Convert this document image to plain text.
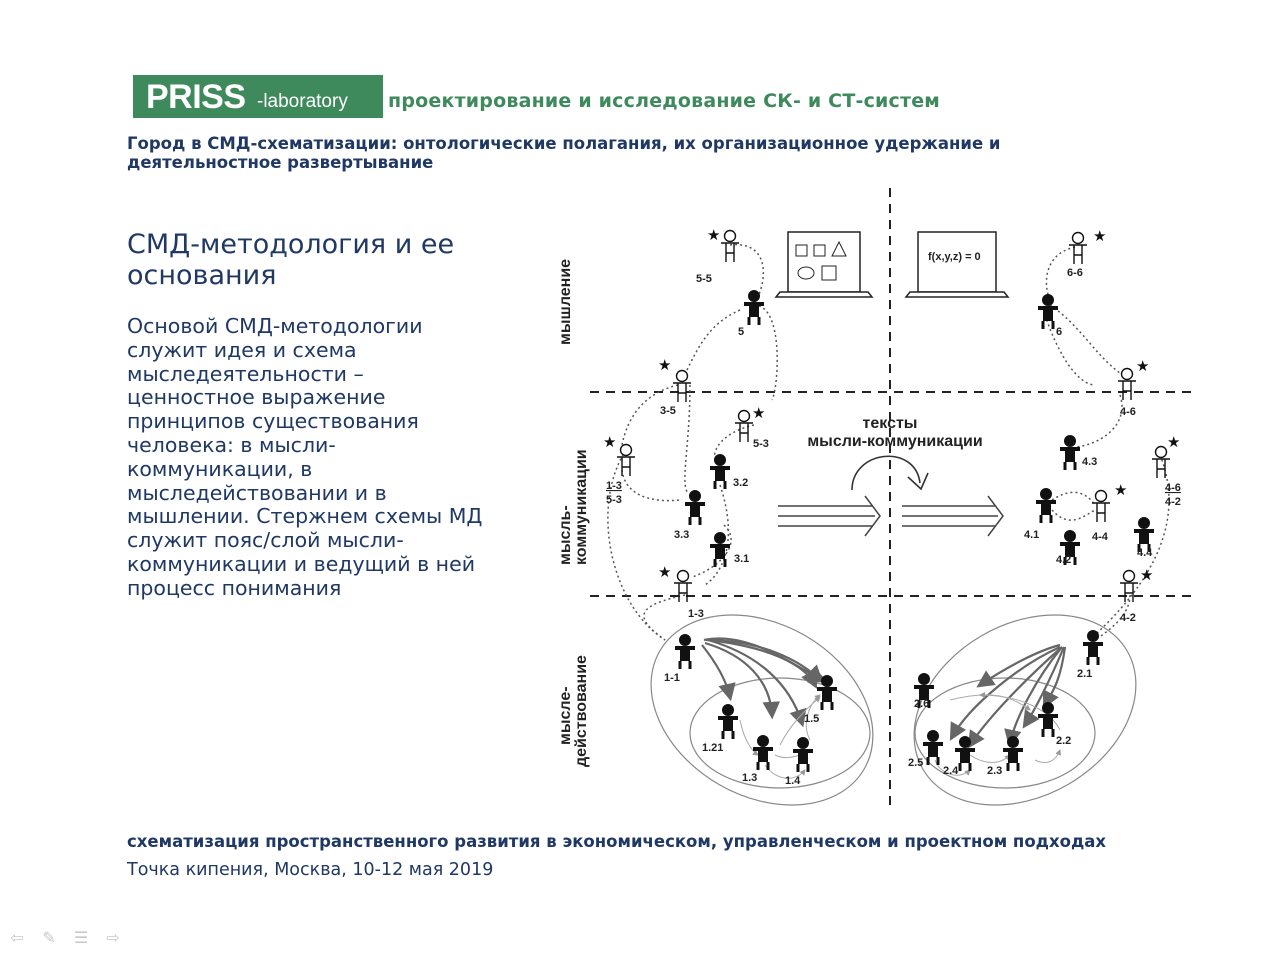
PRISS -laboratory проектирование и исследование СК- и СТ-систем
Город в СМД-схематизации: онтологические полагания, их организационное удержание и деятельностное развертывание
СМД-методология и ее основания
Основой СМД-методологии служит идея и схема мыследеятельности – ценностное выражение принципов существования человека: в мысли-коммуникации, в мыследействовании и в мышлении. Стержнем схемы МД служит пояс/слой мысли-коммуникации и ведущий в ней процесс понимания
мышление
мысль- коммуникации
мысле- действование
f(x,y,z) = 0
тексты
мысли-коммуникации
★
★
★
★
★
★
★
★
★
★
5-5
5
3-5
5-3
3.2
1-3
5-3
3.3
3.1
1-3
1-1
1.5
1.21
1.3	1.4
6-6
6
4-6
4.3
4-6
4-2
4.1	4-4
4.4
4.2
4-2
2.1
2.6
2.2
2.5
2.4	2.3
схематизация пространственного развития в экономическом, управленческом и проектном подходах
Точка кипения, Москва, 10-12 мая 2019
⇦ ✎ ☰ ⇨
